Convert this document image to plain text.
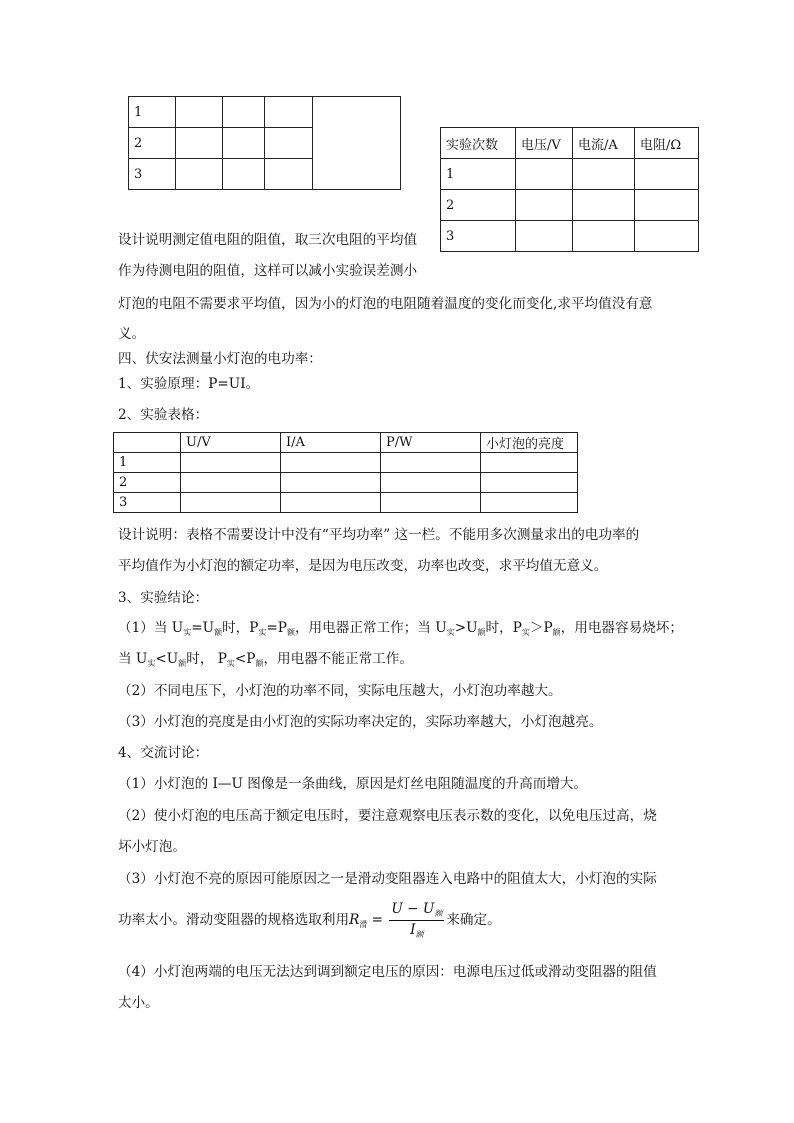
1				
2				
3				
实验次数	电压/V	电流/A	电阻/Ω
1			
2			
3			
设计说明测定值电阻的阻值，取三次电阻的平均值
作为待测电阻的阻值，这样可以减小实验误差测小
灯泡的电阻不需要求平均值，因为小的灯泡的电阻随着温度的变化而变化,求平均值没有意
义。
四、伏安法测量小灯泡的电功率：
1、实验原理：P=UI。
2、实验表格：
	U/V	I/A	P/W	小灯泡的亮度
1				
2				
3				
设计说明：表格不需要设计中没有“平均功率” 这一栏。不能用多次测量求出的电功率的
平均值作为小灯泡的额定功率，是因为电压改变，功率也改变，求平均值无意义。
3、实验结论：
（1）当 $U_实=U_额$时，$P_实=P_额$，用电器正常工作；当 $U_实>U_额$时，$P_实>P_额$，用电器容易烧坏；
当 $U_实<U_额$时， $P_实<P_额$，用电器不能正常工作。
（2）不同电压下，小灯泡的功率不同，实际电压越大，小灯泡功率越大。
（3）小灯泡的亮度是由小灯泡的实际功率决定的，实际功率越大，小灯泡越亮。
4、交流讨论：
（1）小灯泡的 I—U 图像是一条曲线，原因是灯丝电阻随温度的升高而增大。
（2）使小灯泡的电压高于额定电压时，要注意观察电压表示数的变化，以免电压过高，烧
坏小灯泡。
（3）小灯泡不亮的原因可能原因之一是滑动变阻器连入电路中的阻值太大，小灯泡的实际
功率太小。滑动变阻器的规格选取利用$R_滑 = \frac{U - U_额}{I_额}$ 来确定。
（4）小灯泡两端的电压无法达到调到额定电压的原因：电源电压过低或滑动变阻器的阻值
太小。
